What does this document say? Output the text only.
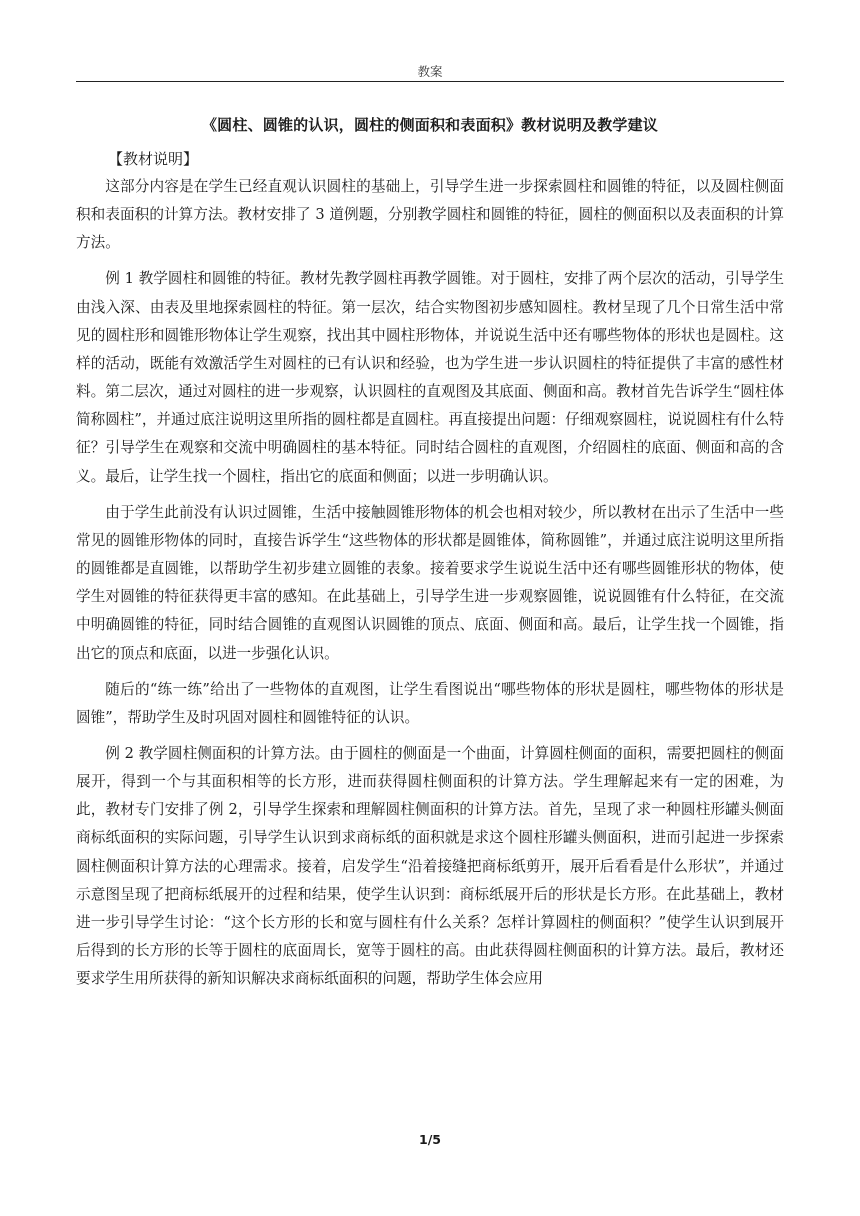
教案
《圆柱、圆锥的认识，圆柱的侧面积和表面积》教材说明及教学建议
【教材说明】

这部分内容是在学生已经直观认识圆柱的基础上，引导学生进一步探索圆柱和圆锥的特征，以及圆柱侧面积和表面积的计算方法。教材安排了 3 道例题，分别教学圆柱和圆锥的特征，圆柱的侧面积以及表面积的计算方法。

例 1 教学圆柱和圆锥的特征。教材先教学圆柱再教学圆锥。对于圆柱，安排了两个层次的活动，引导学生由浅入深、由表及里地探索圆柱的特征。第一层次，结合实物图初步感知圆柱。教材呈现了几个日常生活中常见的圆柱形和圆锥形物体让学生观察，找出其中圆柱形物体，并说说生活中还有哪些物体的形状也是圆柱。这样的活动，既能有效激活学生对圆柱的已有认识和经验，也为学生进一步认识圆柱的特征提供了丰富的感性材料。第二层次，通过对圆柱的进一步观察，认识圆柱的直观图及其底面、侧面和高。教材首先告诉学生“圆柱体简称圆柱”，并通过底注说明这里所指的圆柱都是直圆柱。再直接提出问题：仔细观察圆柱，说说圆柱有什么特征？引导学生在观察和交流中明确圆柱的基本特征。同时结合圆柱的直观图，介绍圆柱的底面、侧面和高的含义。最后，让学生找一个圆柱，指出它的底面和侧面；以进一步明确认识。

由于学生此前没有认识过圆锥，生活中接触圆锥形物体的机会也相对较少，所以教材在出示了生活中一些常见的圆锥形物体的同时，直接告诉学生“这些物体的形状都是圆锥体，简称圆锥”，并通过底注说明这里所指的圆锥都是直圆锥，以帮助学生初步建立圆锥的表象。接着要求学生说说生活中还有哪些圆锥形状的物体，使学生对圆锥的特征获得更丰富的感知。在此基础上，引导学生进一步观察圆锥，说说圆锥有什么特征，在交流中明确圆锥的特征，同时结合圆锥的直观图认识圆锥的顶点、底面、侧面和高。最后，让学生找一个圆锥，指出它的顶点和底面，以进一步强化认识。

随后的“练一练”给出了一些物体的直观图，让学生看图说出“哪些物体的形状是圆柱，哪些物体的形状是圆锥”，帮助学生及时巩固对圆柱和圆锥特征的认识。

例 2 教学圆柱侧面积的计算方法。由于圆柱的侧面是一个曲面，计算圆柱侧面的面积，需要把圆柱的侧面展开，得到一个与其面积相等的长方形，进而获得圆柱侧面积的计算方法。学生理解起来有一定的困难，为此，教材专门安排了例 2，引导学生探索和理解圆柱侧面积的计算方法。首先，呈现了求一种圆柱形罐头侧面商标纸面积的实际问题，引导学生认识到求商标纸的面积就是求这个圆柱形罐头侧面积，进而引起进一步探索圆柱侧面积计算方法的心理需求。接着，启发学生“沿着接缝把商标纸剪开，展开后看看是什么形状”，并通过示意图呈现了把商标纸展开的过程和结果，使学生认识到：商标纸展开后的形状是长方形。在此基础上，教材进一步引导学生讨论：“这个长方形的长和宽与圆柱有什么关系？怎样计算圆柱的侧面积？”使学生认识到展开后得到的长方形的长等于圆柱的底面周长，宽等于圆柱的高。由此获得圆柱侧面积的计算方法。最后，教材还要求学生用所获得的新知识解决求商标纸面积的问题，帮助学生体会应用

1/5
